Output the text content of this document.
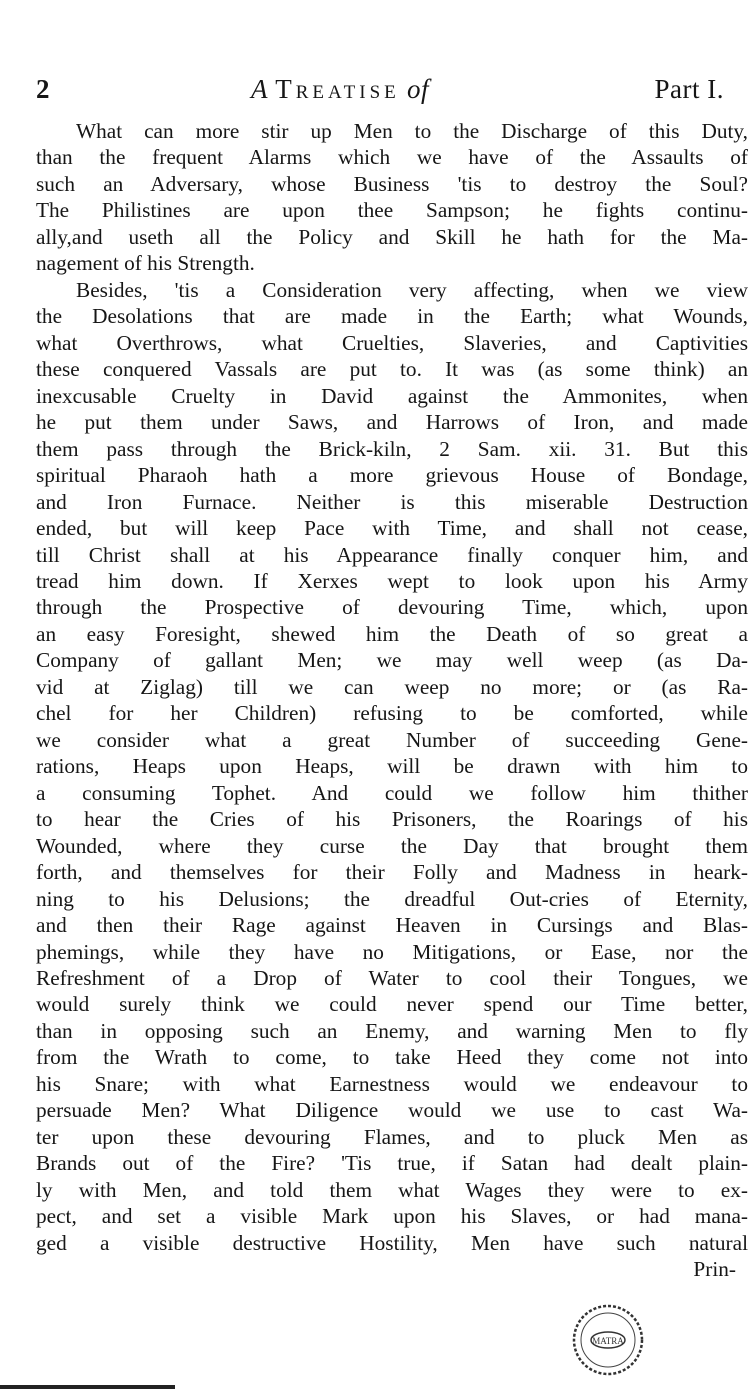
2	A Treatise of	Part I.
What can more stir up Men to the Discharge of this Duty,
than the frequent Alarms which we have of the Assaults of
such an Adversary, whose Business 'tis to destroy the Soul?
The Philistines are upon thee Sampson; he fights continu-
ally,and useth all the Policy and Skill he hath for the Ma-
nagement of his Strength.
Besides, 'tis a Consideration very affecting, when we view
the Desolations that are made in the Earth; what Wounds,
what Overthrows, what Cruelties, Slaveries, and Captivities
these conquered Vassals are put to. It was (as some think) an
inexcusable Cruelty in David against the Ammonites, when
he put them under Saws, and Harrows of Iron, and made
them pass through the Brick-kiln, 2 Sam. xii. 31. But this
spiritual Pharaoh hath a more grievous House of Bondage,
and Iron Furnace. Neither is this miserable Destruction
ended, but will keep Pace with Time, and shall not cease,
till Christ shall at his Appearance finally conquer him, and
tread him down. If Xerxes wept to look upon his Army
through the Prospective of devouring Time, which, upon
an easy Foresight, shewed him the Death of so great a
Company of gallant Men; we may well weep (as Da-
vid at Ziglag) till we can weep no more; or (as Ra-
chel for her Children) refusing to be comforted, while
we consider what a great Number of succeeding Gene-
rations, Heaps upon Heaps, will be drawn with him to
a consuming Tophet. And could we follow him thither
to hear the Cries of his Prisoners, the Roarings of his
Wounded, where they curse the Day that brought them
forth, and themselves for their Folly and Madness in heark-
ning to his Delusions; the dreadful Out-cries of Eternity,
and then their Rage against Heaven in Cursings and Blas-
phemings, while they have no Mitigations, or Ease, nor the
Refreshment of a Drop of Water to cool their Tongues, we
would surely think we could never spend our Time better,
than in opposing such an Enemy, and warning Men to fly
from the Wrath to come, to take Heed they come not into
his Snare; with what Earnestness would we endeavour to
persuade Men? What Diligence would we use to cast Wa-
ter upon these devouring Flames, and to pluck Men as
Brands out of the Fire? 'Tis true, if Satan had dealt plain-
ly with Men, and told them what Wages they were to ex-
pect, and set a visible Mark upon his Slaves, or had mana-
ged a visible destructive Hostility, Men have such natural
Prin-
MATRA
